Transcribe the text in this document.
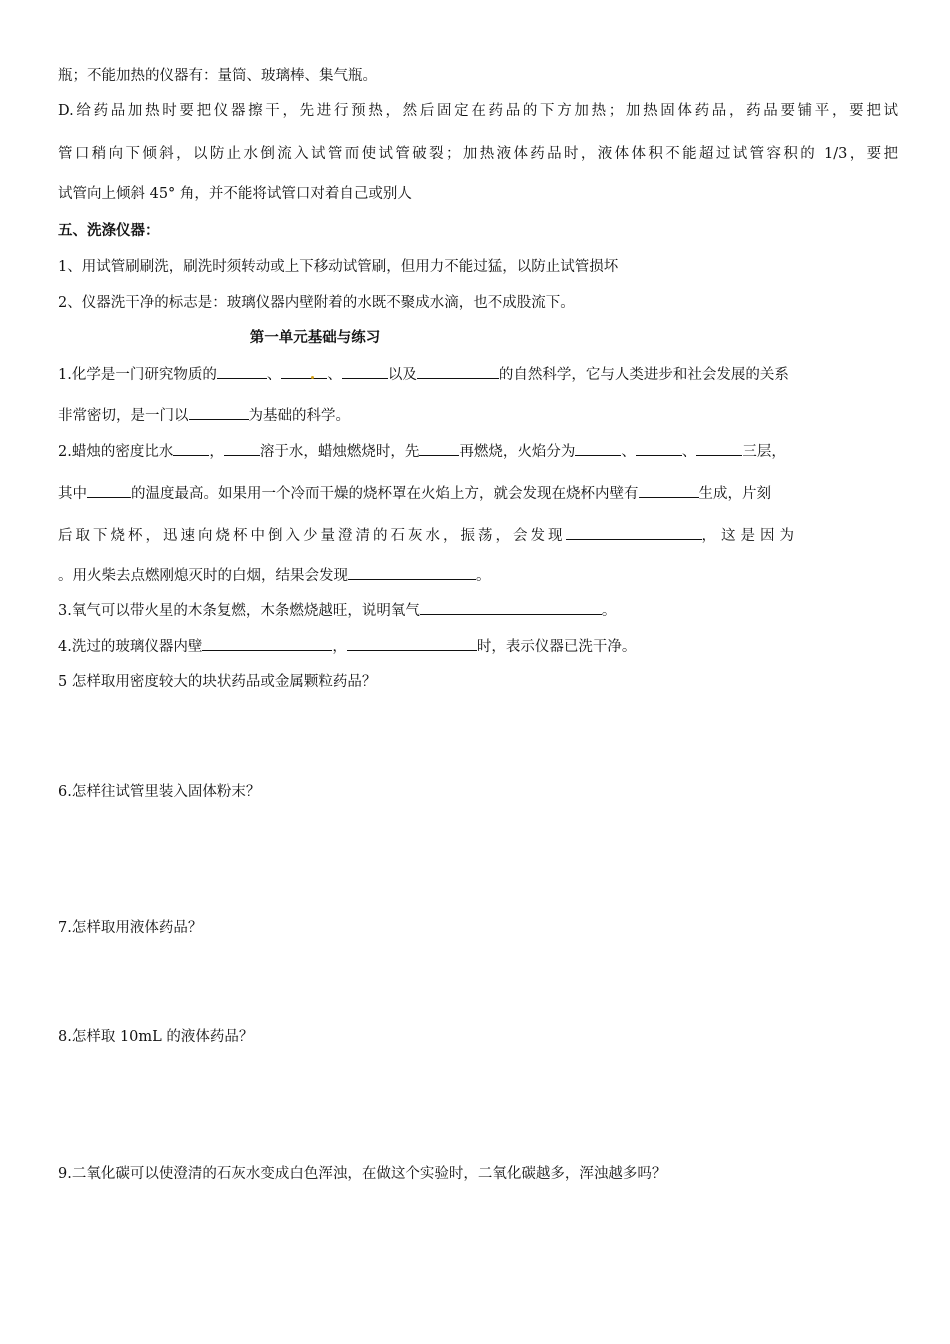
瓶；不能加热的仪器有：量筒、玻璃棒、集气瓶。
D.给药品加热时要把仪器擦干，先进行预热，然后固定在药品的下方加热；加热固体药品，药品要铺平，要把试
管口稍向下倾斜，以防止水倒流入试管而使试管破裂；加热液体药品时，液体体积不能超过试管容积的 1/3，要把
试管向上倾斜 45° 角，并不能将试管口对着自己或别人
五、洗涤仪器：
1、用试管刷刷洗，刷洗时须转动或上下移动试管刷，但用力不能过猛，以防止试管损坏
2、仪器洗干净的标志是：玻璃仪器内壁附着的水既不聚成水滴，也不成股流下。
第一单元基础与练习
1.化学是一门研究物质的	、	、	以及	的自然科学，它与人类进步和社会发展的关系
非常密切，是一门以	为基础的科学。
2.蜡烛的密度比水 ， 溶于水，蜡烛燃烧时，先	再燃烧，火焰分为	、	、	三层，
其中	的温度最高。如果用一个冷而干燥的烧杯罩在火焰上方，就会发现在烧杯内壁有	生成，片刻
后取下烧杯，迅速向烧杯中倒入少量澄清的石灰水，振荡，会发现	，这是因为
。用火柴去点燃刚熄灭时的白烟，结果会发现	。
3.氧气可以带火星的木条复燃，木条燃烧越旺，说明氧气	。
4.洗过的玻璃仪器内壁	，	时，表示仪器已洗干净。
5 怎样取用密度较大的块状药品或金属颗粒药品？
6.怎样往试管里装入固体粉末？
7.怎样取用液体药品？
8.怎样取 10mL 的液体药品？
9.二氧化碳可以使澄清的石灰水变成白色浑浊，在做这个实验时，二氧化碳越多，浑浊越多吗？
